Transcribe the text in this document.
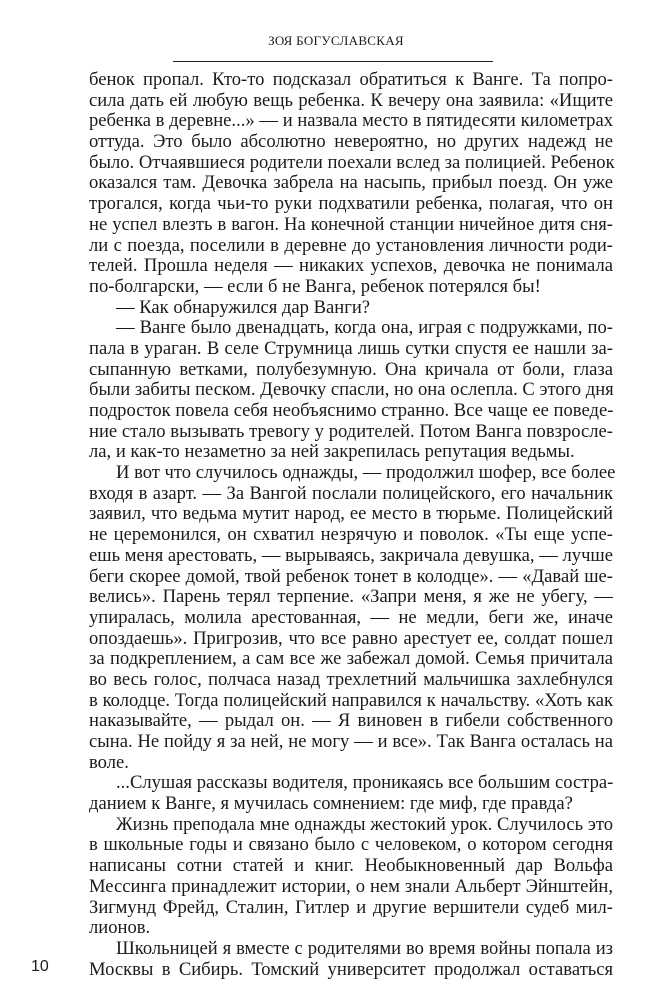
ЗОЯ БОГУСЛАВСКАЯ
бенок пропал. Кто-то подсказал обратиться к Ванге. Та попро-
сила дать ей любую вещь ребенка. К вечеру она заявила: «Ищите
ребенка в деревне...» — и назвала место в пятидесяти километрах
оттуда. Это было абсолютно невероятно, но других надежд не
было. Отчаявшиеся родители поехали вслед за полицией. Ребенок
оказался там. Девочка забрела на насыпь, прибыл поезд. Он уже
трогался, когда чьи-то руки подхватили ребенка, полагая, что он
не успел влезть в вагон. На конечной станции ничейное дитя сня-
ли с поезда, поселили в деревне до установления личности роди-
телей. Прошла неделя — никаких успехов, девочка не понимала
по-болгарски, — если б не Ванга, ребенок потерялся бы!
— Как обнаружился дар Ванги?
— Ванге было двенадцать, когда она, играя с подружками, по-
пала в ураган. В селе Струмница лишь сутки спустя ее нашли за-
сыпанную ветками, полубезумную. Она кричала от боли, глаза
были забиты песком. Девочку спасли, но она ослепла. С этого дня
подросток повела себя необъяснимо странно. Все чаще ее поведе-
ние стало вызывать тревогу у родителей. Потом Ванга повзросле-
ла, и как-то незаметно за ней закрепилась репутация ведьмы.
И вот что случилось однажды, — продолжил шофер, все более
входя в азарт. — За Вангой послали полицейского, его начальник
заявил, что ведьма мутит народ, ее место в тюрьме. Полицейский
не церемонился, он схватил незрячую и поволок. «Ты еще успе-
ешь меня арестовать, — вырываясь, закричала девушка, — лучше
беги скорее домой, твой ребенок тонет в колодце». — «Давай ше-
велись». Парень терял терпение. «Запри меня, я же не убегу, —
упиралась, молила арестованная, — не медли, беги же, иначе
опоздаешь». Пригрозив, что все равно арестует ее, солдат пошел
за подкреплением, а сам все же забежал домой. Семья причитала
во весь голос, полчаса назад трехлетний мальчишка захлебнулся
в колодце. Тогда полицейский направился к начальству. «Хоть как
наказывайте, — рыдал он. — Я виновен в гибели собственного
сына. Не пойду я за ней, не могу — и все». Так Ванга осталась на
воле.
...Слушая рассказы водителя, проникаясь все большим состра-
данием к Ванге, я мучилась сомнением: где миф, где правда?
Жизнь преподала мне однажды жестокий урок. Случилось это
в школьные годы и связано было с человеком, о котором сегодня
написаны сотни статей и книг. Необыкновенный дар Вольфа
Мессинга принадлежит истории, о нем знали Альберт Эйнштейн,
Зигмунд Фрейд, Сталин, Гитлер и другие вершители судеб мил-
лионов.
Школьницей я вместе с родителями во время войны попала из
Москвы в Сибирь. Томский университет продолжал оставаться
10
